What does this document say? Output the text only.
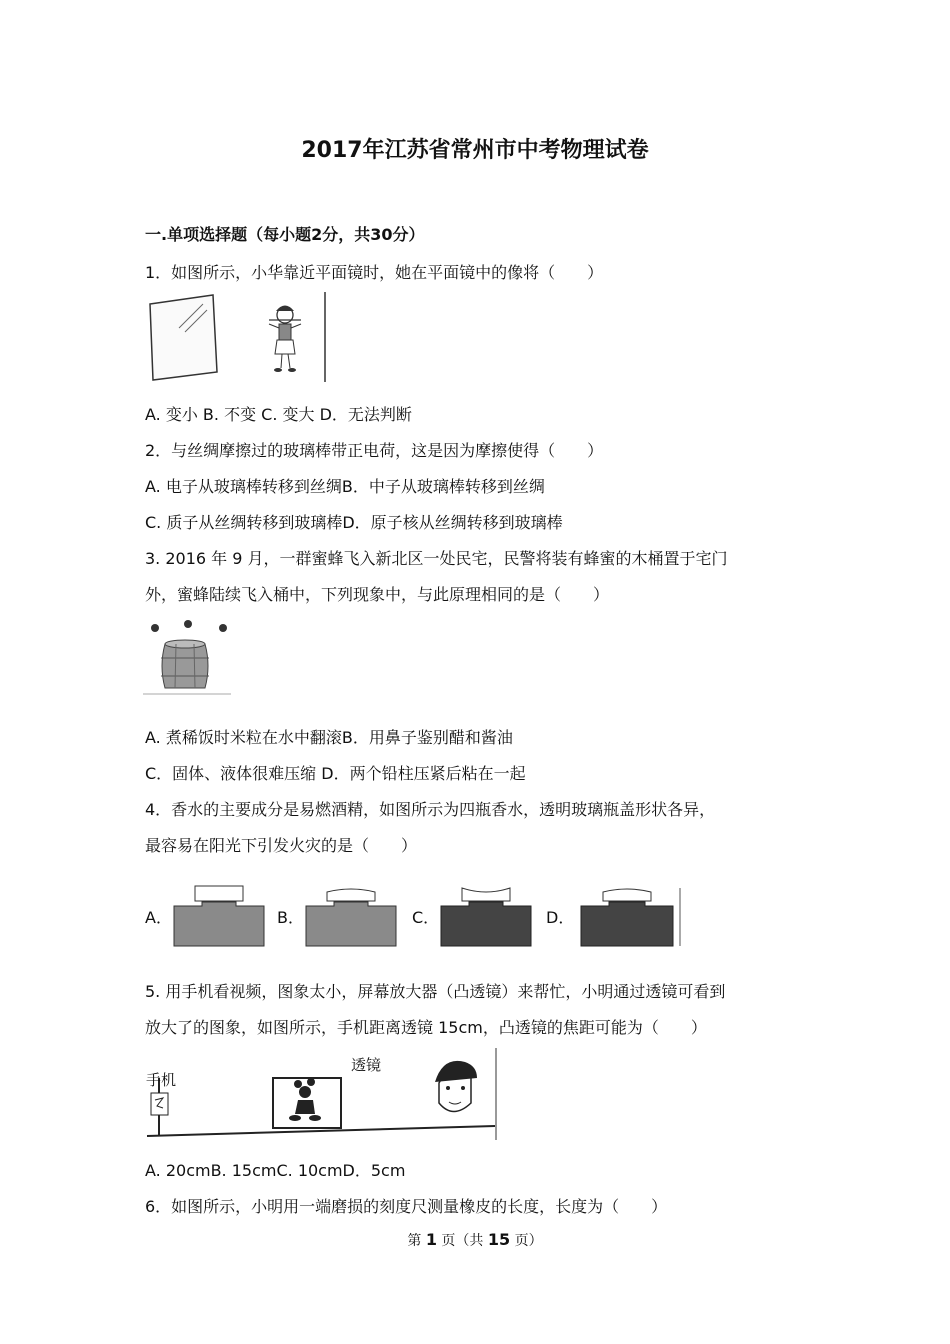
2017年江苏省常州市中考物理试卷
一.单项选择题（每小题2分，共30分）
1．如图所示，小华靠近平面镜时，她在平面镜中的像将（　　）
A. 变小 B. 不变 C. 变大 D．无法判断
2．与丝绸摩擦过的玻璃棒带正电荷，这是因为摩擦使得（　　）
A. 电子从玻璃棒转移到丝绸B．中子从玻璃棒转移到丝绸
C. 质子从丝绸转移到玻璃棒D．原子核从丝绸转移到玻璃棒
3. 2016 年 9 月，一群蜜蜂飞入新北区一处民宅，民警将装有蜂蜜的木桶置于宅门
外，蜜蜂陆续飞入桶中，下列现象中，与此原理相同的是（　　）
A. 煮稀饭时米粒在水中翻滚B．用鼻子鉴别醋和酱油
C．固体、液体很难压缩 D．两个铅柱压紧后粘在一起
4．香水的主要成分是易燃酒精，如图所示为四瓶香水，透明玻璃瓶盖形状各异，
最容易在阳光下引发火灾的是（　　）
A．	B．	C．	D．
5. 用手机看视频，图象太小，屏幕放大器（凸透镜）来帮忙，小明通过透镜可看到
放大了的图象，如图所示，手机距离透镜 15cm，凸透镜的焦距可能为（　　）
手机
透镜
A. 20cmB. 15cmC. 10cmD．5cm
6．如图所示，小明用一端磨损的刻度尺测量橡皮的长度，长度为（　　）
第 1 页（共 15 页）
